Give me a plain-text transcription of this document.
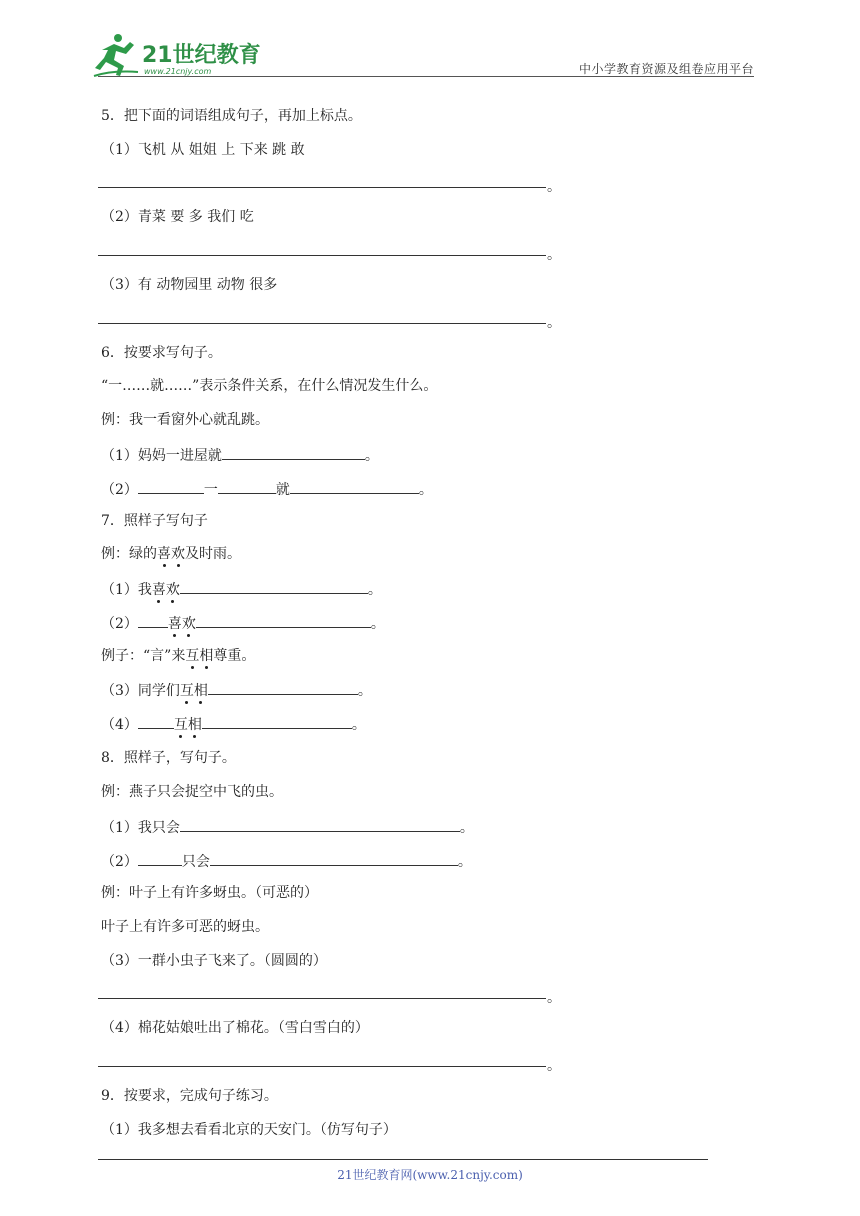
21世纪教育
www.21cnjy.com	中小学教育资源及组卷应用平台
5．把下面的词语组成句子，再加上标点。
（1）飞机 从 姐姐 上 下来 跳 敢
。
（2）青菜 要 多 我们 吃
。
（3）有 动物园里 动物 很多
。
6．按要求写句子。
“一……就……”表示条件关系，在什么情况发生什么。
例：我一看窗外心就乱跳。
（1）妈妈一进屋就	。
（2）	一	就	。
7．照样子写句子
例：绿的喜欢及时雨。
（1）我喜欢	。
（2） 喜欢	。
例子：“言”来互相尊重。
（3）同学们互相	。
（4）	互相	。
8．照样子，写句子。
例：燕子只会捉空中飞的虫。
（1）我只会	。
（2）	只会	。
例：叶子上有许多蚜虫。（可恶的）
叶子上有许多可恶的蚜虫。
（3）一群小虫子飞来了。（圆圆的）
。
（4）棉花姑娘吐出了棉花。（雪白雪白的）
。
9．按要求，完成句子练习。
（1）我多想去看看北京的天安门。（仿写句子）
21世纪教育网(www.21cnjy.com)
